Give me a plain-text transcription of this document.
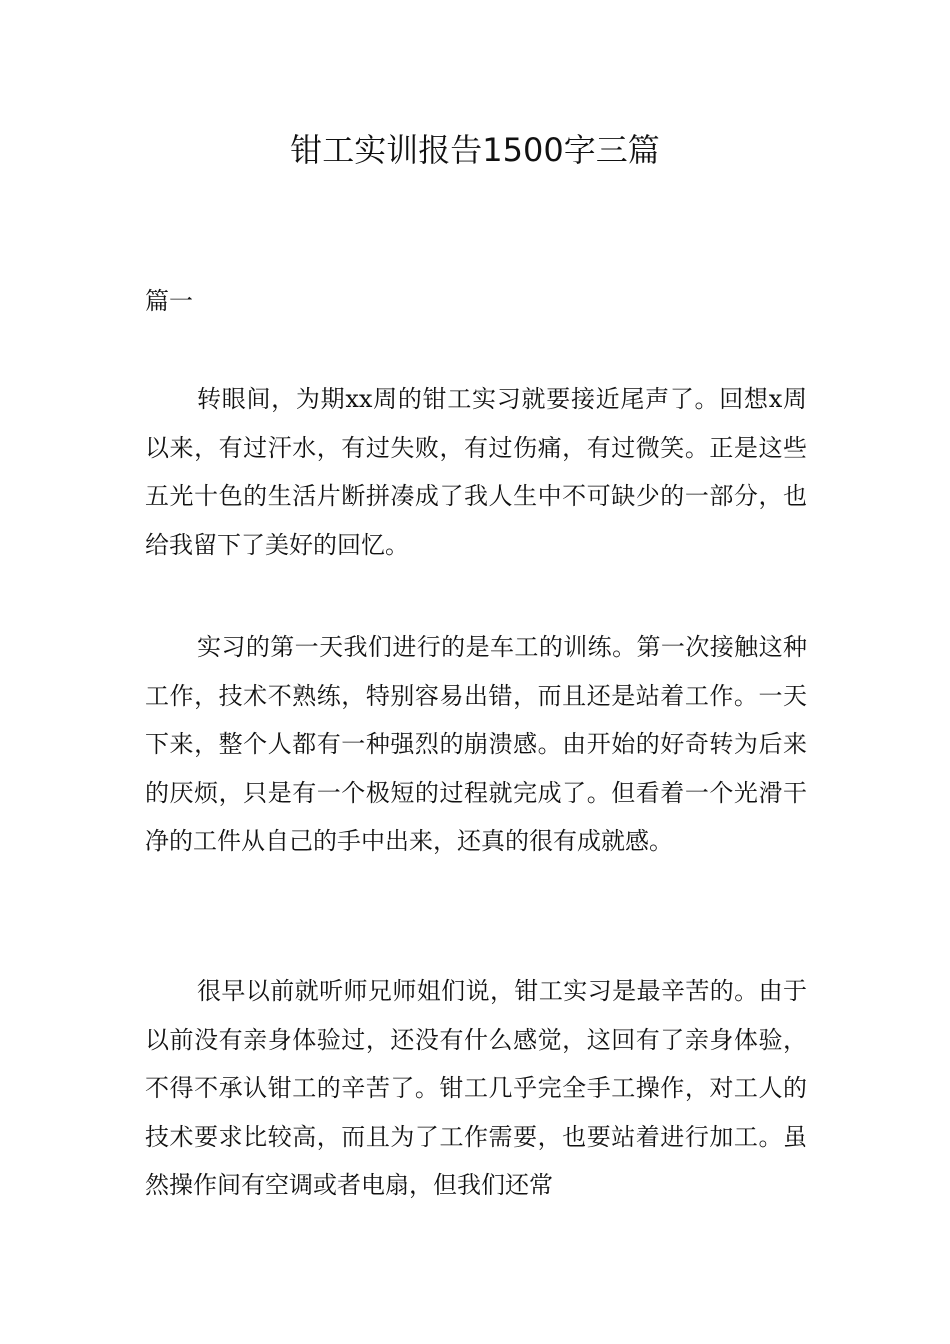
钳工实训报告1500字三篇
篇一

转眼间，为期xx周的钳工实习就要接近尾声了。回想x周以来，有过汗水，有过失败，有过伤痛，有过微笑。正是这些五光十色的生活片断拼凑成了我人生中不可缺少的一部分，也给我留下了美好的回忆。

实习的第一天我们进行的是车工的训练。第一次接触这种工作，技术不熟练，特别容易出错，而且还是站着工作。一天下来，整个人都有一种强烈的崩溃感。由开始的好奇转为后来的厌烦，只是有一个极短的过程就完成了。但看着一个光滑干净的工件从自己的手中出来，还真的很有成就感。

很早以前就听师兄师姐们说，钳工实习是最辛苦的。由于以前没有亲身体验过，还没有什么感觉，这回有了亲身体验，不得不承认钳工的辛苦了。钳工几乎完全手工操作，对工人的技术要求比较高，而且为了工作需要，也要站着进行加工。虽然操作间有空调或者电扇，但我们还常
